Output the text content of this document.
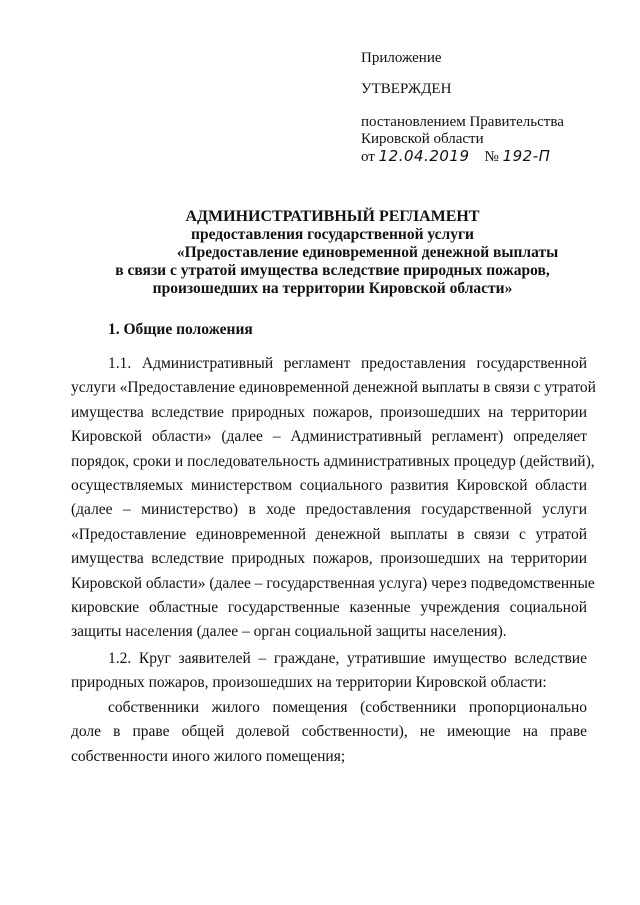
Приложение
УТВЕРЖДЕН
постановлением Правительства
Кировской области
от 12.04.2019 № 192-П
АДМИНИСТРАТИВНЫЙ РЕГЛАМЕНТ
предоставления государственной услуги
«Предоставление единовременной денежной выплаты
в связи с утратой имущества вследствие природных пожаров,
произошедших на территории Кировской области»
1. Общие положения
1.1. Административный регламент предоставления государственной
услуги «Предоставление единовременной денежной выплаты в связи с утратой
имущества вследствие природных пожаров, произошедших на территории
Кировской области» (далее – Административный регламент) определяет
порядок, сроки и последовательность административных процедур (действий),
осуществляемых министерством социального развития Кировской области
(далее – министерство) в ходе предоставления государственной услуги
«Предоставление единовременной денежной выплаты в связи с утратой
имущества вследствие природных пожаров, произошедших на территории
Кировской области» (далее – государственная услуга) через подведомственные
кировские областные государственные казенные учреждения социальной
защиты населения (далее – орган социальной защиты населения).
1.2. Круг заявителей – граждане, утратившие имущество вследствие
природных пожаров, произошедших на территории Кировской области:
собственники жилого помещения (собственники пропорционально
доле в праве общей долевой собственности), не имеющие на праве
собственности иного жилого помещения;
